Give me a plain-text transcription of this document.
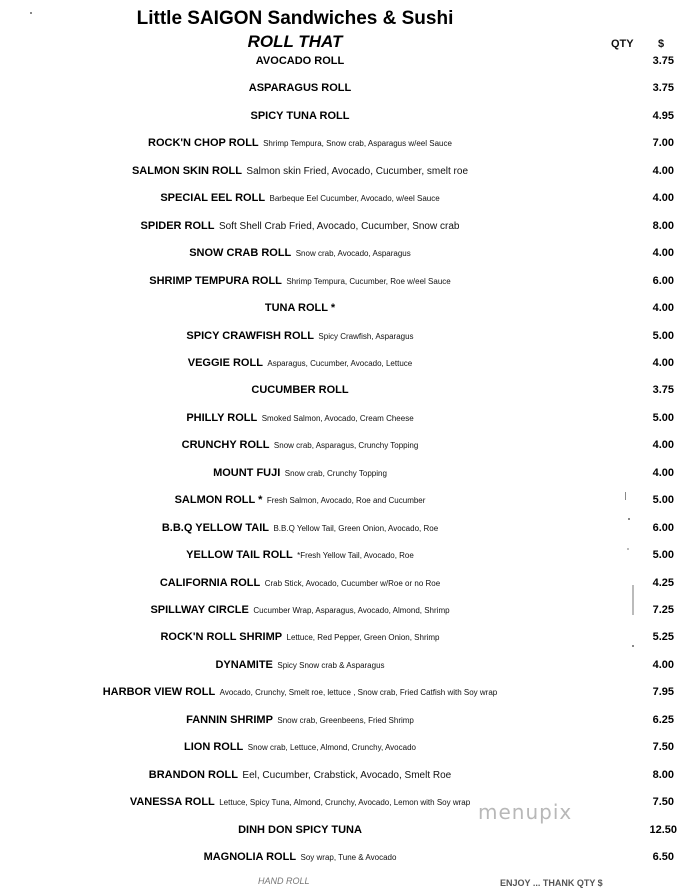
Little SAIGON Sandwiches & Sushi
ROLL THAT	QTY $
AVOCADO ROLL	3.75
ASPARAGUS ROLL	3.75
SPICY TUNA ROLL	4.95
ROCK'N CHOP ROLL Shrimp Tempura, Snow crab, Asparagus w/eel Sauce	7.00
SALMON SKIN ROLL Salmon skin Fried, Avocado, Cucumber, smelt roe	4.00
SPECIAL EEL ROLL Barbeque Eel Cucumber, Avocado, w/eel Sauce	4.00
SPIDER ROLL Soft Shell Crab Fried, Avocado, Cucumber, Snow crab	8.00
SNOW CRAB ROLL Snow crab, Avocado, Asparagus	4.00
SHRIMP TEMPURA ROLL Shrimp Tempura, Cucumber, Roe w/eel Sauce	6.00
TUNA ROLL *	4.00
SPICY CRAWFISH ROLL Spicy Crawfish, Asparagus	5.00
VEGGIE ROLL Asparagus, Cucumber, Avocado, Lettuce	4.00
CUCUMBER ROLL	3.75
PHILLY ROLL Smoked Salmon, Avocado, Cream Cheese	5.00
CRUNCHY ROLL Snow crab, Asparagus, Crunchy Topping	4.00
MOUNT FUJI Snow crab, Crunchy Topping	4.00
SALMON ROLL * Fresh Salmon, Avocado, Roe and Cucumber	5.00
B.B.Q YELLOW TAIL B.B.Q Yellow Tail, Green Onion, Avocado, Roe	6.00
YELLOW TAIL ROLL *Fresh Yellow Tail, Avocado, Roe	5.00
CALIFORNIA ROLL Crab Stick, Avocado, Cucumber w/Roe or no Roe	4.25
SPILLWAY CIRCLE Cucumber Wrap, Asparagus, Avocado, Almond, Shrimp	7.25
ROCK'N ROLL SHRIMP Lettuce, Red Pepper, Green Onion, Shrimp	5.25
DYNAMITE Spicy Snow crab & Asparagus	4.00
HARBOR VIEW ROLL Avocado, Crunchy, Smelt roe, lettuce , Snow crab, Fried Catfish with Soy wrap	7.95
FANNIN SHRIMP Snow crab, Greenbeens, Fried Shrimp	6.25
LION ROLL Snow crab, Lettuce, Almond, Crunchy, Avocado	7.50
BRANDON ROLL Eel, Cucumber, Crabstick, Avocado, Smelt Roe	8.00
VANESSA ROLL Lettuce, Spicy Tuna, Almond, Crunchy, Avocado, Lemon with Soy wrap	7.50
DINH DON SPICY TUNA	12.50
MAGNOLIA ROLL Soy wrap, Tune & Avocado	6.50
menupix
HAND ROLL	ENJOY ... THANK QTY $
